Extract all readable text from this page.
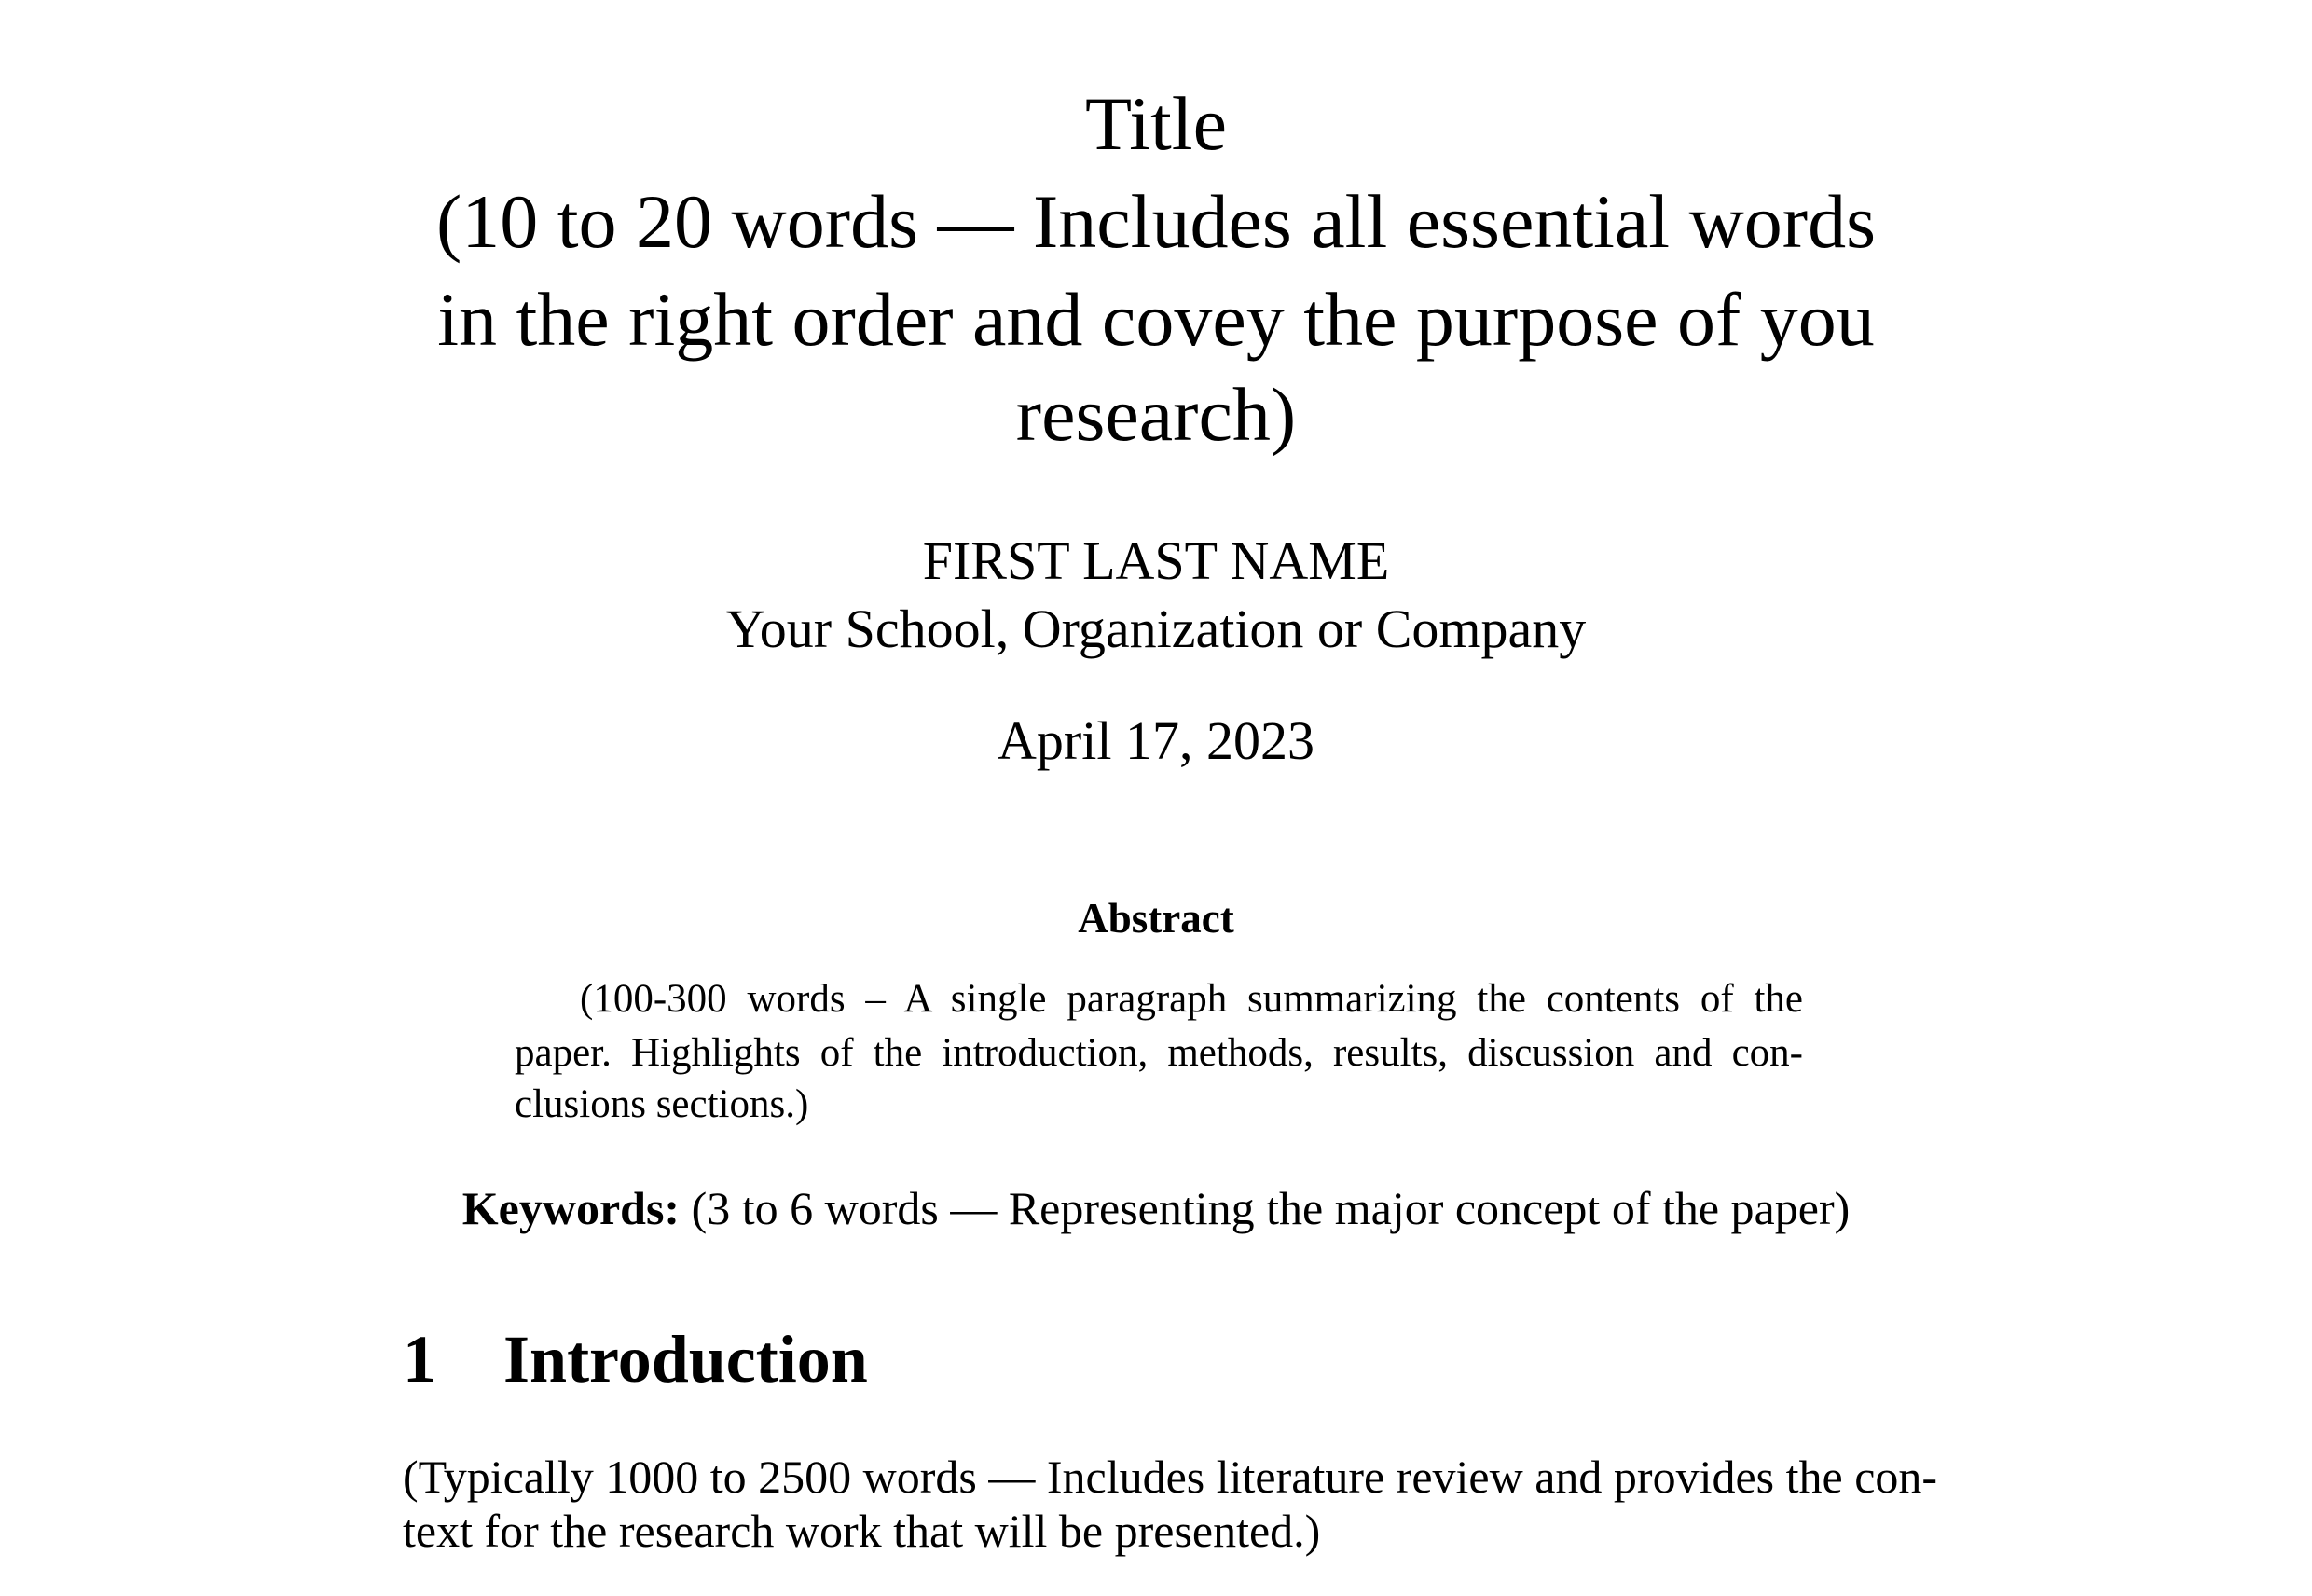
Title
(10 to 20 words — Includes all essential words
in the right order and covey the purpose of you
research)
FIRST LAST NAME
Your School, Organization or Company
April 17, 2023
Abstract
(100-300 words – A single paragraph summarizing the contents of the
paper. Highlights of the introduction, methods, results, discussion and con-
clusions sections.)
Keywords: (3 to 6 words — Representing the major concept of the paper)
1 Introduction
(Typically 1000 to 2500 words — Includes literature review and provides the con-
text for the research work that will be presented.)
